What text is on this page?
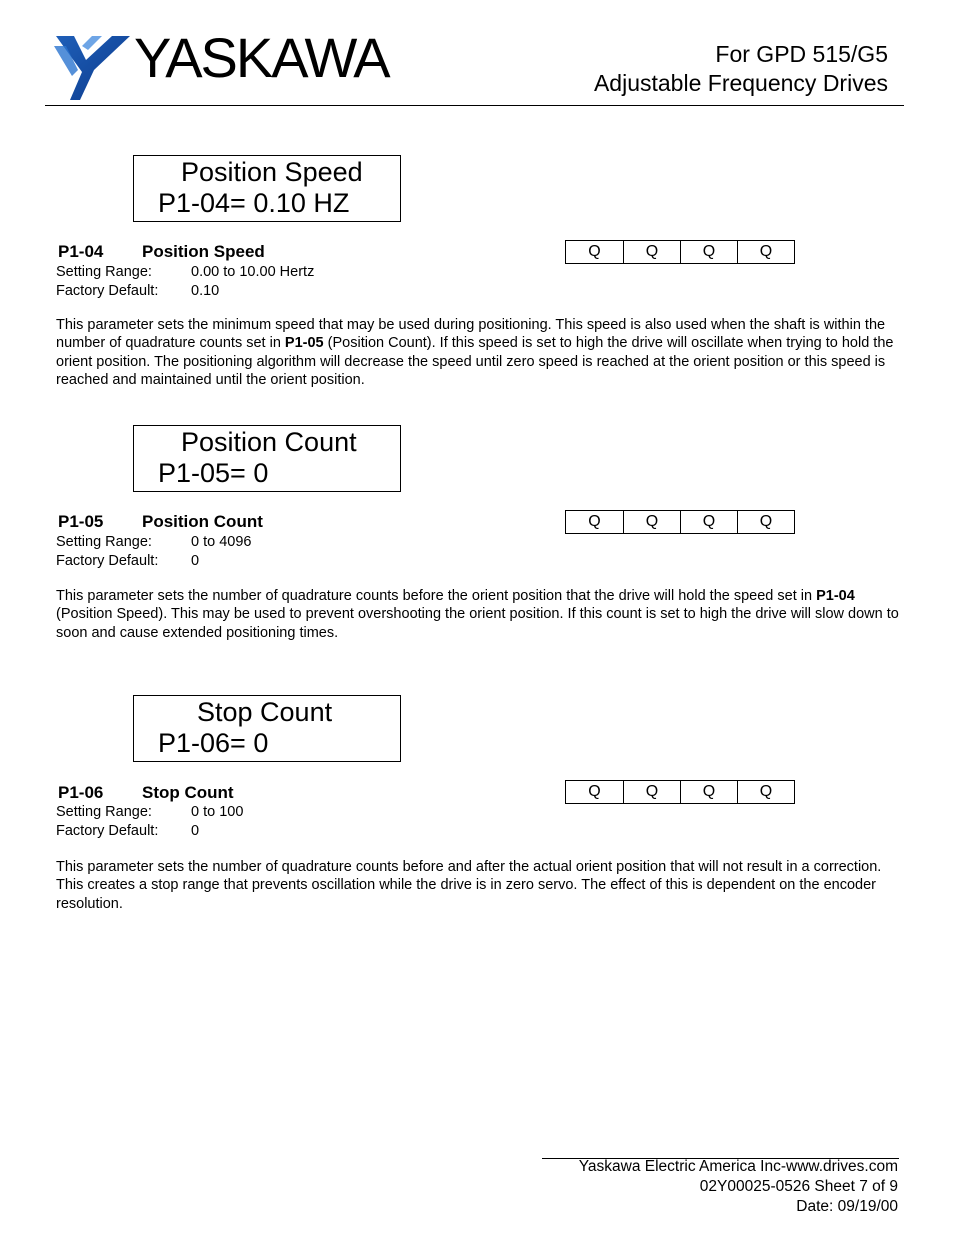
YASKAWA	For GPD 515/G5
Adjustable Frequency Drives
Position Speed
P1-04= 0.10 HZ
P1-04 Position Speed	Q	Q	Q	Q
Setting Range:	0.00 to 10.00 Hertz
Factory Default: 0.10
This parameter sets the minimum speed that may be used during positioning. This speed is also used when the shaft is within the number of quadrature counts set in P1-05 (Position Count). If this speed is set to high the drive will oscillate when trying to hold the orient position. The positioning algorithm will decrease the speed until zero speed is reached at the orient position or this speed is reached and maintained until the orient position.
Position Count
P1-05= 0
P1-05 Position Count	Q	Q	Q	Q
Setting Range:	0 to 4096
Factory Default: 0
This parameter sets the number of quadrature counts before the orient position that the drive will hold the speed set in P1-04 (Position Speed). This may be used to prevent overshooting the orient position. If this count is set to high the drive will slow down to soon and cause extended positioning times.
Stop Count
P1-06= 0
P1-06 Stop Count	Q	Q	Q	Q
Setting Range:	0 to 100
Factory Default: 0
This parameter sets the number of quadrature counts before and after the actual orient position that will not result in a correction. This creates a stop range that prevents oscillation while the drive is in zero servo. The effect of this is dependent on the encoder resolution.
Yaskawa Electric America Inc-www.drives.com
02Y00025-0526 Sheet 7 of 9
Date: 09/19/00
